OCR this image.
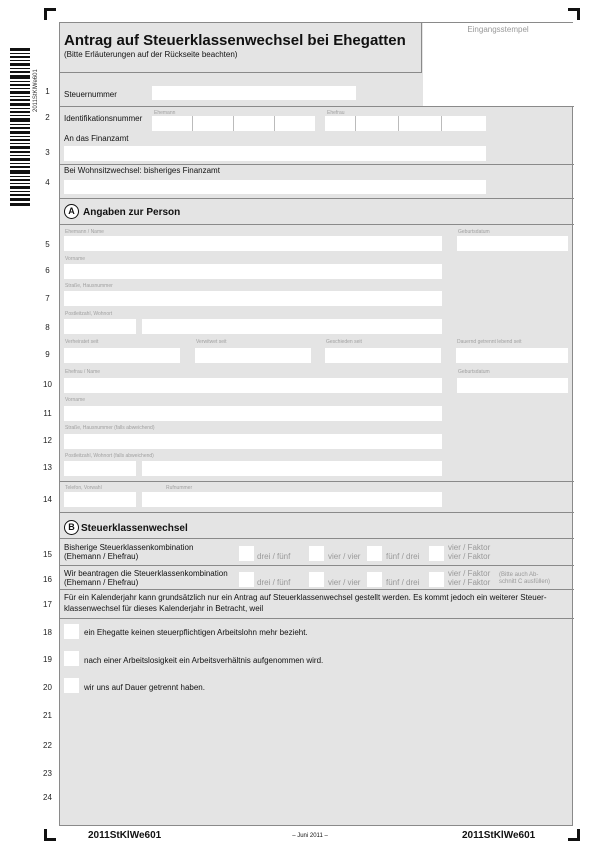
2011StKlWe601 1
2
3
4
5
6
7
8
9
10
11
12
13
14
15
16
17
18
19
20
21
22
23
24
Antrag auf Steuerklassenwechsel bei Ehegatten
(Bitte Erläuterungen auf der Rückseite beachten)
Eingangsstempel
Steuernummer
Identifikationsnummer
Ehemann	Ehefrau
An das Finanzamt
Bei Wohnsitzwechsel: bisheriges Finanzamt
A Angaben zur Person
Ehemann / Name	Geburtsdatum
Vorname
Straße, Hausnummer
Postleitzahl, Wohnort
Verheiratet seit	Verwitwet seit	Geschieden seit	Dauernd getrennt lebend seit
Ehefrau / Name	Geburtsdatum
Vorname
Straße, Hausnummer (falls abweichend)
Postleitzahl, Wohnort (falls abweichend)
Telefon, Vorwahl	Rufnummer
B Steuerklassenwechsel
Bisherige Steuerklassenkombination
(Ehemann / Ehefrau)	drei / fünf	vier / vier	fünf / drei
vier / Faktor
vier / Faktor
Wir beantragen die Steuerklassenkombination
(Ehemann / Ehefrau)	drei / fünf	vier / vier	fünf / drei
vier / Faktor
vier / Faktor
(Bitte auch Ab-
schnitt C ausfüllen)
Für ein Kalenderjahr kann grundsätzlich nur ein Antrag auf Steuerklassenwechsel gestellt werden. Es kommt jedoch ein weiterer Steuer-klassenwechsel für dieses Kalenderjahr in Betracht, weil
ein Ehegatte keinen steuerpflichtigen Arbeitslohn mehr bezieht.
nach einer Arbeitslosigkeit ein Arbeitsverhältnis aufgenommen wird.
wir uns auf Dauer getrennt haben.
2011StKlWe601	– Juni 2011 –	2011StKlWe601
